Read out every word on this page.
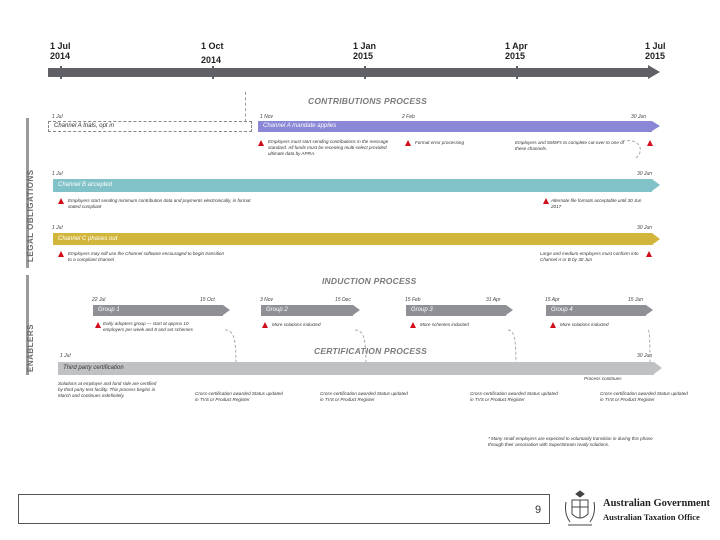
1 Jul
2014
1 Oct
2014
1 Jan
2015
1 Apr
2015
1 Jul
2015
LEGAL OBLIGATIONS
ENABLERS
CONTRIBUTIONS PROCESS
1 Jul	1 Nov	2 Feb	30 Jun
Channel A trials, opt in	Channel A mandate applies
Employers must start sending contributions in the message standard. All funds must be receiving multi-select provided ultimate data by APRA.
Format error processing	Employers and SMSFs to complete cut-over to one of these channels.
1 Jul	30 Jun
Channel B accepted
Employers start sending minimum contribution data and payments electronically, in format stated compliant
Alternate file formats acceptable until 30 Jun 2017
1 Jul	30 Jun
Channel C phases out
Employers may still use the Channel software encouraged to begin transition to a compliant channel
Large and medium employers must conform into Channel A or B by 30 Jun
INDUCTION PROCESS
22 Jul	15 Oct
Group 1
Early adopters group — start at approx 10 employers per week and 8 and set schemes
3 Nov	15 Dec
Group 2
More solutions inducted
15 Feb	31 Apr
Group 3
More schemes inducted
15 Apr	15 Jun
Group 4
More solutions inducted
CERTIFICATION PROCESS
1 Jul	30 Jun
Third party certification
Process continues
Solutions at employer and fund side are certified by third party test facility. This process begins in March and continues indefinitely.	Cross-certification awarded Status updated in TVS or Product Register
Cross-certification awarded Status updated in TVS or Product Register
Cross-certification awarded Status updated in TVS or Product Register
Cross-certification awarded Status updated in TVS or Product Register
* Many small employers are expected to voluntarily transition in during this phase through their association with SuperStream ready solutions.
9
Australian Government
Australian Taxation Office
